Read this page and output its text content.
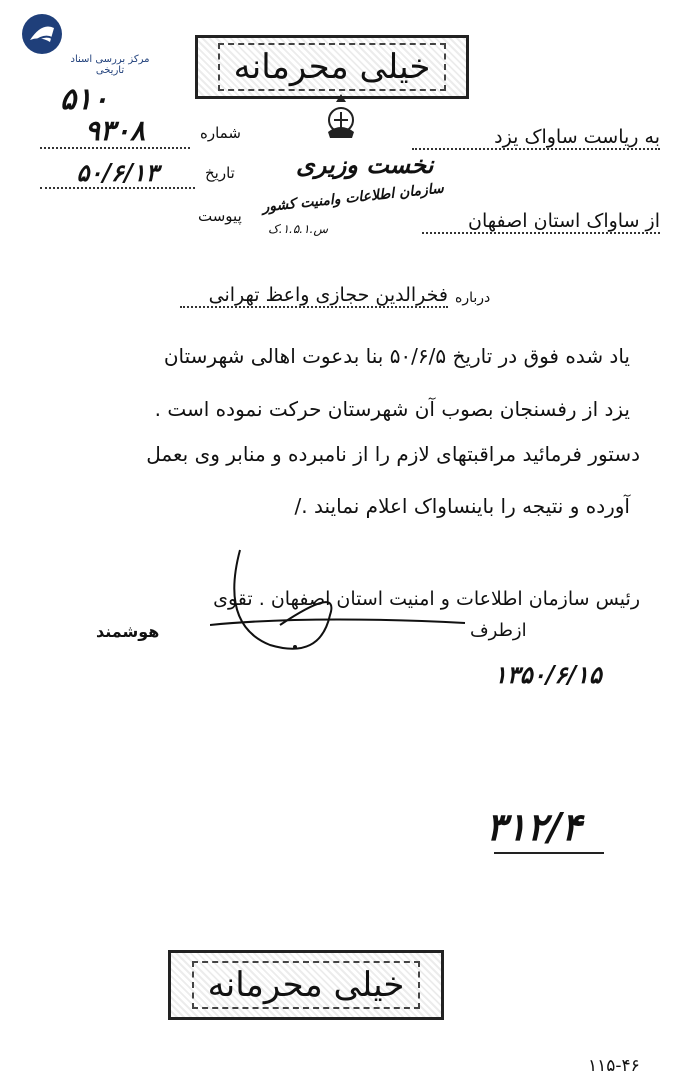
مرکز بررسی اسناد تاریخی	خیلی محرمانه
۵۱۰
شماره
۹۳۰۸
تاریخ
۵۰/۶/۱۳
پیوست
نخست وزیری
سازمان اطلاعات وامنیت کشور
س.۱.۵.۱.ک
به ریاست ساواک یزد
از ساواک استان اصفهان
درباره
فخرالدین حجازی واعظ تهرانی
یاد شده فوق در تاریخ ۵۰/۶/۵ بنا بدعوت اهالی شهرستان
یزد از رفسنجان بصوب آن شهرستان حرکت نموده است .
دستور فرمائید مراقبتهای لازم را از نامبرده و منابر وی بعمل
آورده و نتیجه را باینساواک اعلام نمایند ./
رئیس سازمان اطلاعات و امنیت استان اصفهان . تقوی
ازطرف
هوشمند
۱۳۵۰/۶/۱۵
۳۱۲/۴
خیلی محرمانه
۱۱۵-۴۶
